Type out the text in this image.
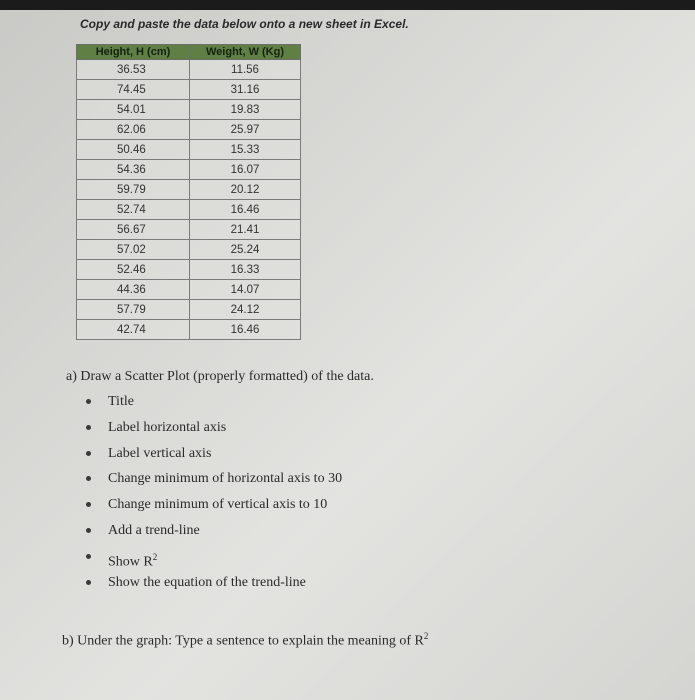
Copy and paste the data below onto a new sheet in Excel.

Height, H (cm)	Weight, W (Kg)
36.53	11.56
74.45	31.16
54.01	19.83
62.06	25.97
50.46	15.33
54.36	16.07
59.79	20.12
52.74	16.46
56.67	21.41
57.02	25.24
52.46	16.33
44.36	14.07
57.79	24.12
42.74	16.46

a) Draw a Scatter Plot (properly formatted) of the data.

Title
Label horizontal axis
Label vertical axis
Change minimum of horizontal axis to 30
Change minimum of vertical axis to 10
Add a trend-line
Show $R^2$
Show the equation of the trend-line

b) Under the graph: Type a sentence to explain the meaning of $R^2$
